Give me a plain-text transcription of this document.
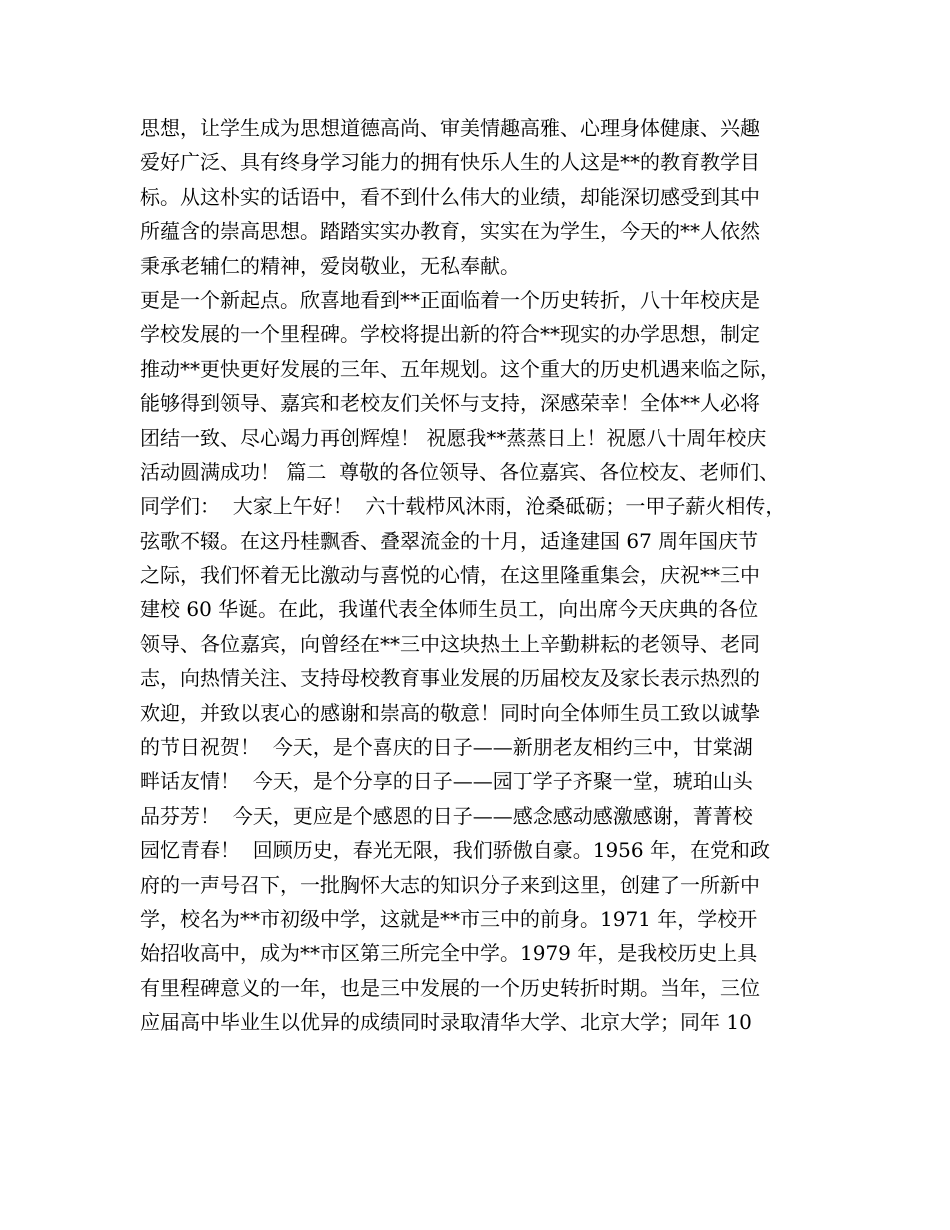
思想，让学生成为思想道德高尚、审美情趣高雅、心理身体健康、兴趣
爱好广泛、具有终身学习能力的拥有快乐人生的人这是**的教育教学目
标。从这朴实的话语中，看不到什么伟大的业绩，却能深切感受到其中
所蕴含的崇高思想。踏踏实实办教育，实实在为学生，今天的**人依然
秉承老辅仁的精神，爱岗敬业，无私奉献。
更是一个新起点。欣喜地看到**正面临着一个历史转折，八十年校庆是
学校发展的一个里程碑。学校将提出新的符合**现实的办学思想，制定
推动**更快更好发展的三年、五年规划。这个重大的历史机遇来临之际，
能够得到领导、嘉宾和老校友们关怀与支持，深感荣幸！全体**人必将
团结一致、尽心竭力再创辉煌！ 祝愿我**蒸蒸日上！祝愿八十周年校庆
活动圆满成功！ 篇二  尊敬的各位领导、各位嘉宾、各位校友、老师们、
同学们：  大家上午好！  六十载栉风沐雨，沧桑砥砺；一甲子薪火相传，
弦歌不辍。在这丹桂飘香、叠翠流金的十月，适逢建国 67 周年国庆节
之际，我们怀着无比激动与喜悦的心情，在这里隆重集会，庆祝**三中
建校 60 华诞。在此，我谨代表全体师生员工，向出席今天庆典的各位
领导、各位嘉宾，向曾经在**三中这块热土上辛勤耕耘的老领导、老同
志，向热情关注、支持母校教育事业发展的历届校友及家长表示热烈的
欢迎，并致以衷心的感谢和崇高的敬意！同时向全体师生员工致以诚挚
的节日祝贺！  今天，是个喜庆的日子——新朋老友相约三中，甘棠湖
畔话友情！  今天，是个分享的日子——园丁学子齐聚一堂，琥珀山头
品芬芳！  今天，更应是个感恩的日子——感念感动感激感谢，菁菁校
园忆青春！  回顾历史，春光无限，我们骄傲自豪。1956 年，在党和政
府的一声号召下，一批胸怀大志的知识分子来到这里，创建了一所新中
学，校名为**市初级中学，这就是**市三中的前身。1971 年，学校开
始招收高中，成为**市区第三所完全中学。1979 年，是我校历史上具
有里程碑意义的一年，也是三中发展的一个历史转折时期。当年，三位
应届高中毕业生以优异的成绩同时录取清华大学、北京大学；同年 10
